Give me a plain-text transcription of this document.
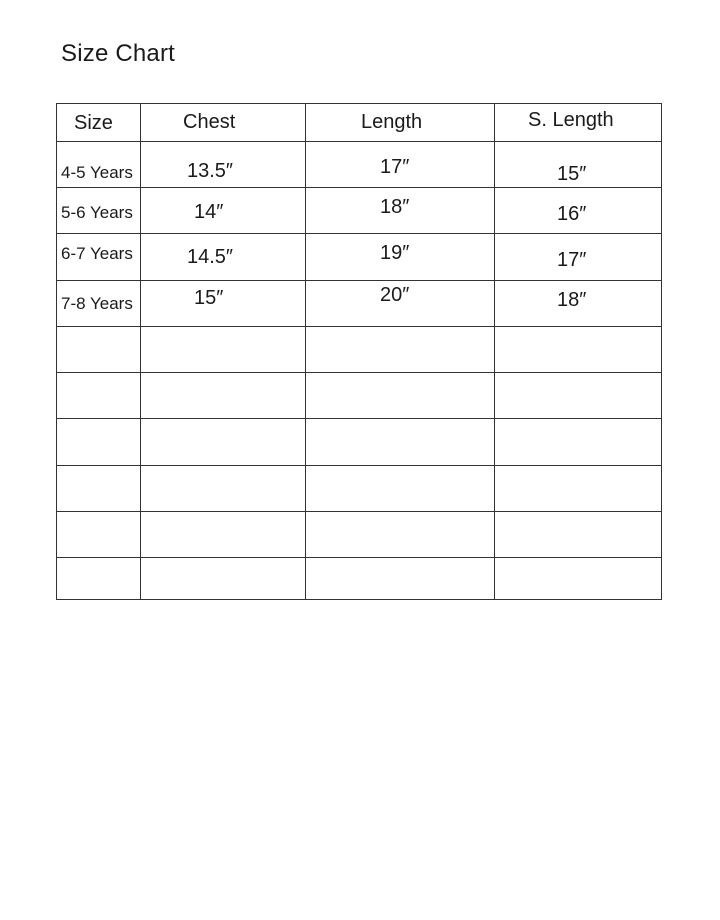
Size Chart
Size	Chest	Length	S. Length
4-5 Years	13.5″	17″	15″
5-6 Years	14″	18″	16″
6-7 Years	14.5″	19″	17″
7-8 Years	15″	20″	18″
